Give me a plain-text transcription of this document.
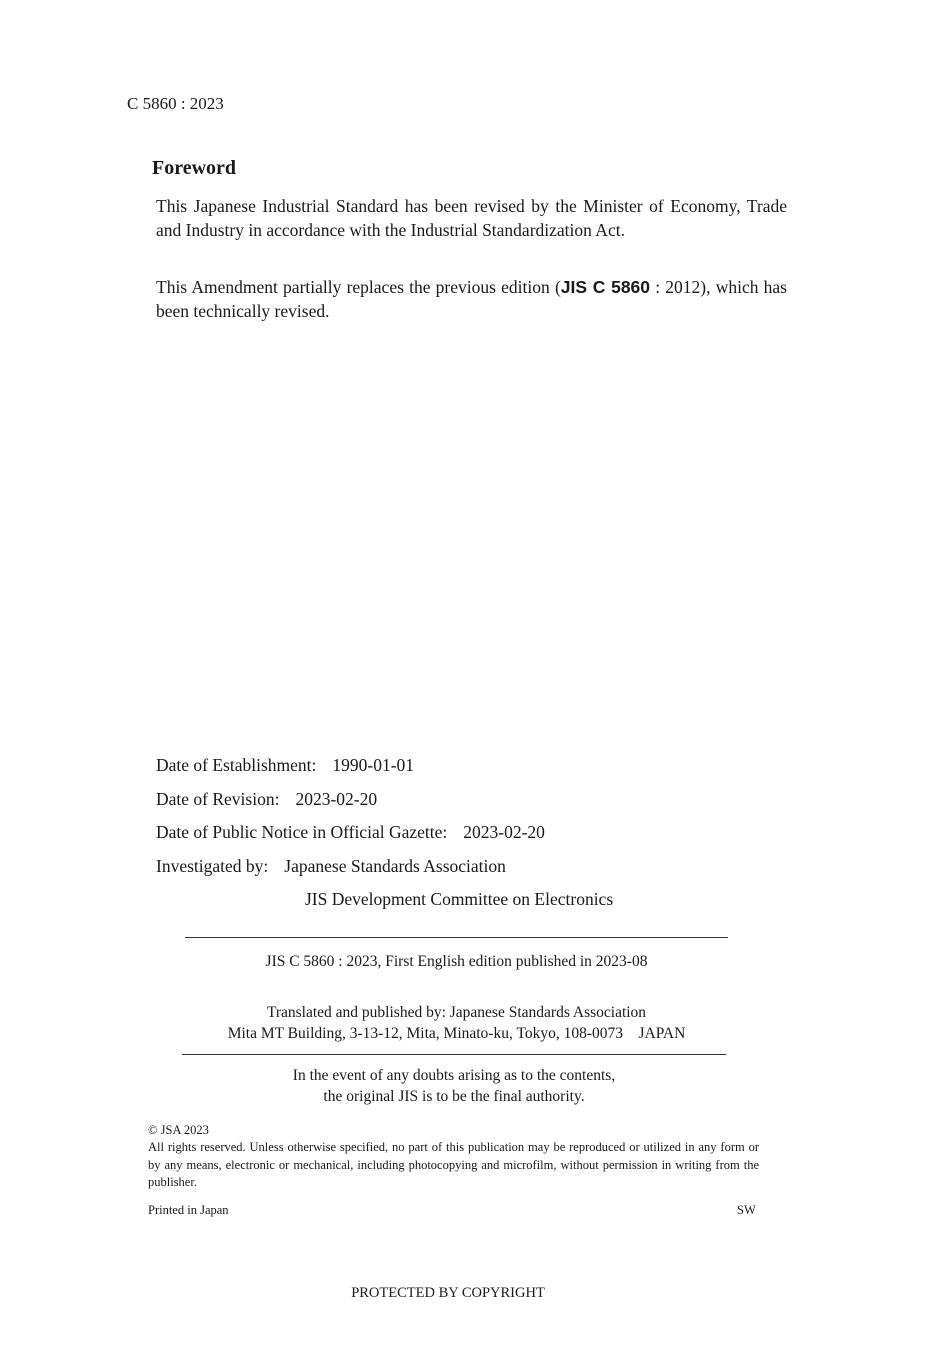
C 5860 : 2023
Foreword

This Japanese Industrial Standard has been revised by the Minister of Economy, Trade and Industry in accordance with the Industrial Standardization Act.

This Amendment partially replaces the previous edition (JIS C 5860 : 2012), which has been technically revised.

Date of Establishment: 1990-01-01
Date of Revision: 2023-02-20
Date of Public Notice in Official Gazette: 2023-02-20
Investigated by: Japanese Standards Association
JIS Development Committee on Electronics
JIS C 5860 : 2023, First English edition published in 2023-08
Translated and published by: Japanese Standards Association
Mita MT Building, 3-13-12, Mita, Minato-ku, Tokyo, 108-0073 JAPAN
In the event of any doubts arising as to the contents,
the original JIS is to be the final authority.
© JSA 2023

All rights reserved. Unless otherwise specified, no part of this publication may be reproduced or utilized in any form or by any means, electronic or mechanical, including photocopying and microfilm, without permission in writing from the publisher.

Printed in Japan	SW
PROTECTED BY COPYRIGHT
